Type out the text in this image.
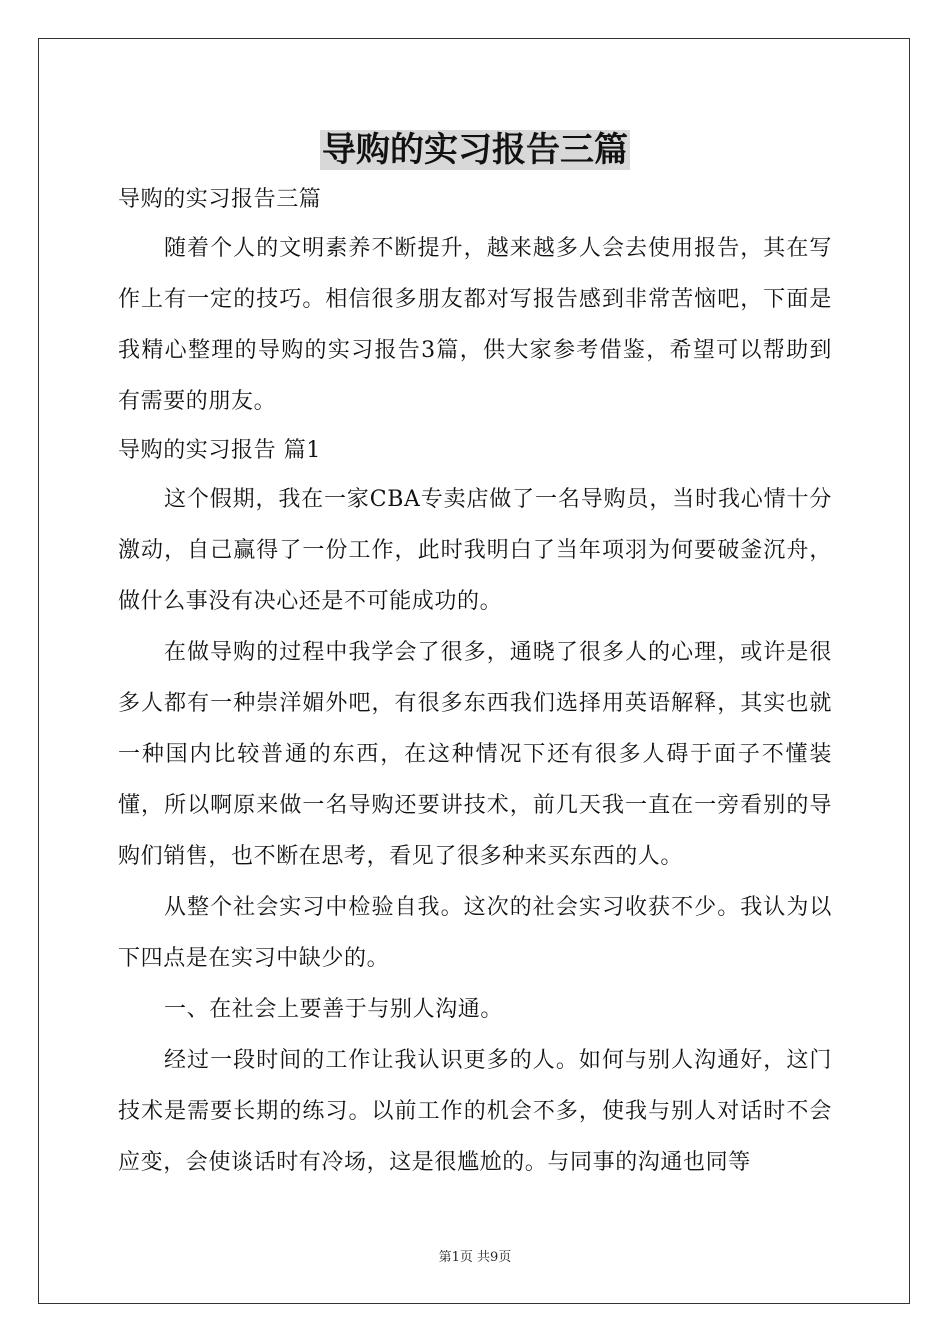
导购的实习报告三篇

导购的实习报告三篇

随着个人的文明素养不断提升，越来越多人会去使用报告，其在写作上有一定的技巧。相信很多朋友都对写报告感到非常苦恼吧，下面是我精心整理的导购的实习报告3篇，供大家参考借鉴，希望可以帮助到有需要的朋友。

导购的实习报告 篇1

这个假期，我在一家CBA专卖店做了一名导购员，当时我心情十分激动，自己赢得了一份工作，此时我明白了当年项羽为何要破釜沉舟，做什么事没有决心还是不可能成功的。

在做导购的过程中我学会了很多，通晓了很多人的心理，或许是很多人都有一种崇洋媚外吧，有很多东西我们选择用英语解释，其实也就一种国内比较普通的东西，在这种情况下还有很多人碍于面子不懂装懂，所以啊原来做一名导购还要讲技术，前几天我一直在一旁看别的导购们销售，也不断在思考，看见了很多种来买东西的人。

从整个社会实习中检验自我。这次的社会实习收获不少。我认为以下四点是在实习中缺少的。

一、在社会上要善于与别人沟通。

经过一段时间的工作让我认识更多的人。如何与别人沟通好，这门技术是需要长期的练习。以前工作的机会不多，使我与别人对话时不会应变，会使谈话时有冷场，这是很尴尬的。与同事的沟通也同等

第1页 共9页
